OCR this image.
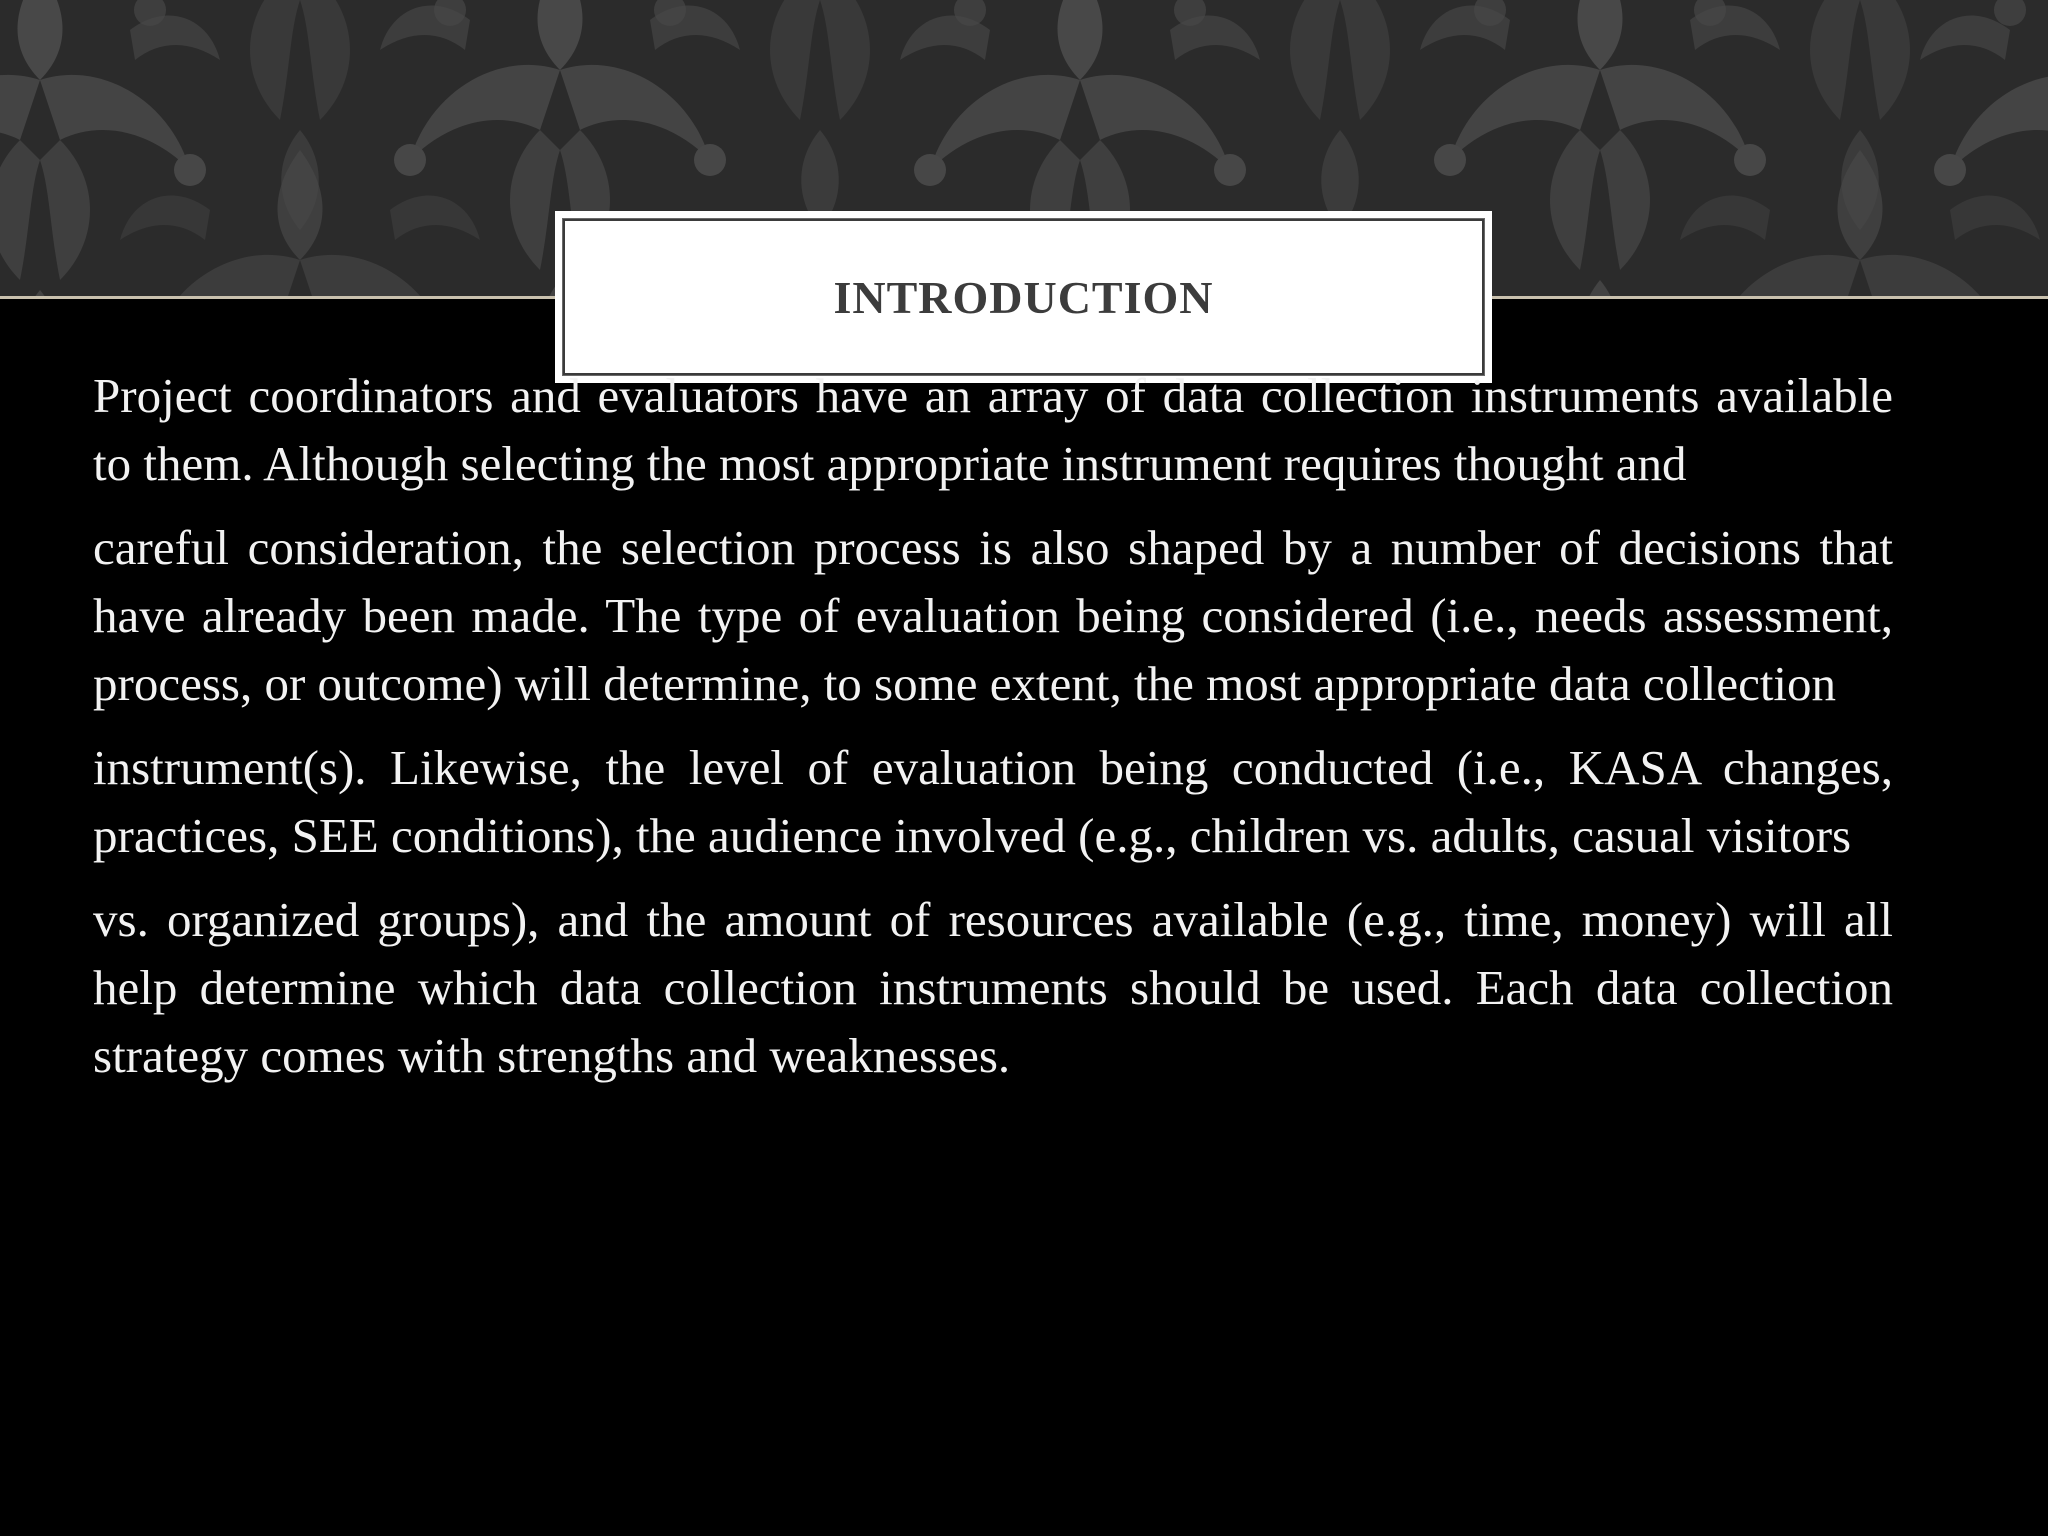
INTRODUCTION

Project coordinators and evaluators have an array of data collection instruments available to them. Although selecting the most appropriate instrument requires thought and

careful consideration, the selection process is also shaped by a number of decisions that have already been made. The type of evaluation being considered (i.e., needs assessment, process, or outcome) will determine, to some extent, the most appropriate data collection

instrument(s). Likewise, the level of evaluation being conducted (i.e., KASA changes, practices, SEE conditions), the audience involved (e.g., children vs. adults, casual visitors

vs. organized groups), and the amount of resources available (e.g., time, money) will all help determine which data collection instruments should be used. Each data collection strategy comes with strengths and weaknesses.
